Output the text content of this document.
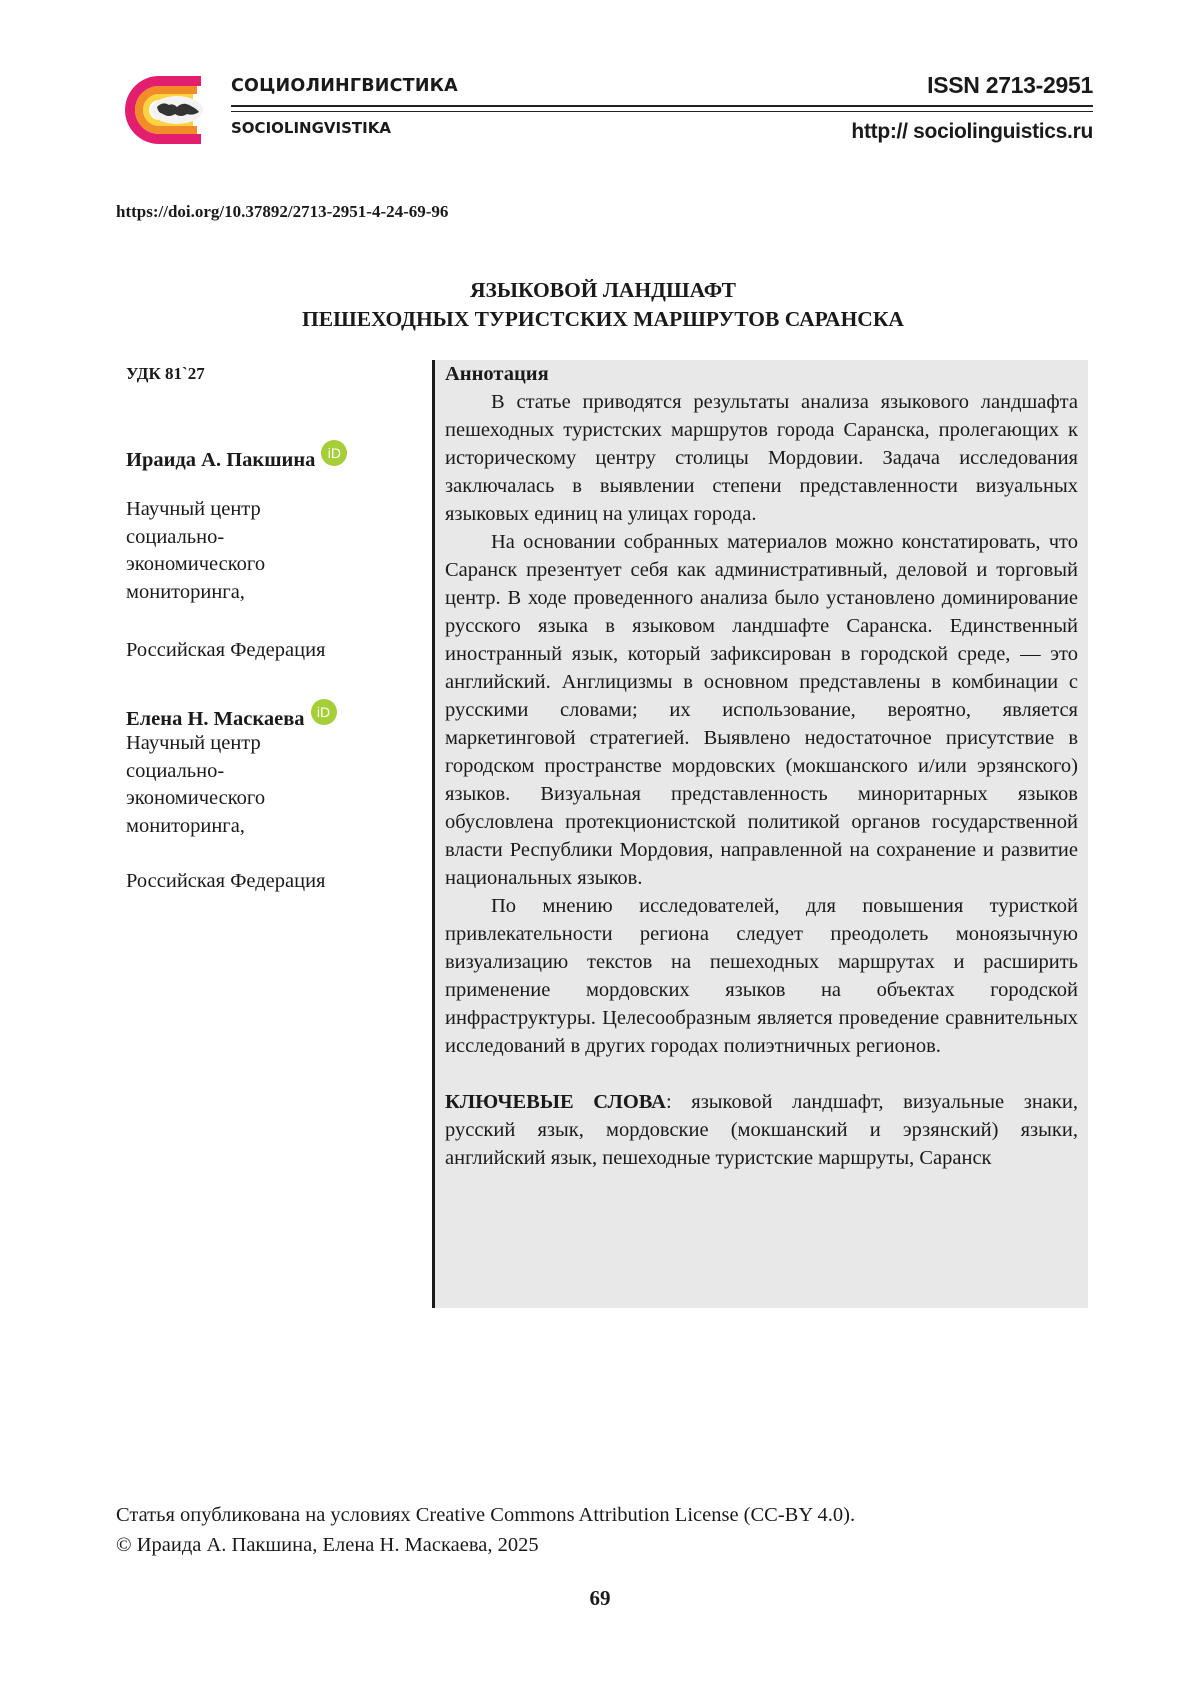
СОЦИОЛИНГВИСТИКА
SOCIOLINGVISTIKA
ISSN 2713-2951
http:// sociolinguistics.ru
https://doi.org/10.37892/2713-2951-4-24-69-96
ЯЗЫКОВОЙ ЛАНДШАФТ
ПЕШЕХОДНЫХ ТУРИСТСКИХ МАРШРУТОВ САРАНСКА
УДК 81`27
Ираида А. Пакшина iD
Научный центр
социально-
экономического
мониторинга,
Российская Федерация
Елена Н. Маскаева iD
Научный центр
социально-
экономического
мониторинга,
Российская Федерация
Аннотация

В статье приводятся результаты анализа языкового ландшафта пешеходных туристских маршрутов города Саранска, пролегающих к историческому центру столицы Мордовии. Задача исследования заключалась в выявлении степени представленности визуальных языковых единиц на улицах города.

На основании собранных материалов можно констатировать, что Саранск презентует себя как административный, деловой и торговый центр. В ходе проведенного анализа было установлено доминирование русского языка в языковом ландшафте Саранска. Единственный иностранный язык, который зафиксирован в городской среде, — это английский. Англицизмы в основном представлены в комбинации с русскими словами; их использование, вероятно, является маркетинговой стратегией. Выявлено недостаточное присутствие в городском пространстве мордовских (мокшанского и/или эрзянского) языков. Визуальная представленность миноритарных языков обусловлена протекционистской политикой органов государственной власти Республики Мордовия, направленной на сохранение и развитие национальных языков.

По мнению исследователей, для повышения туристкой привлекательности региона следует преодолеть моноязычную визуализацию текстов на пешеходных маршрутах и расширить применение мордовских языков на объектах городской инфраструктуры. Целесообразным является проведение сравнительных исследований в других городах полиэтничных регионов.

КЛЮЧЕВЫЕ СЛОВА: языковой ландшафт, визуальные знаки, русский язык, мордовские (мокшанский и эрзянский) языки, английский язык, пешеходные туристские маршруты, Саранск

Статья опубликована на условиях Creative Commons Attribution License (CC-BY 4.0).
© Ираида А. Пакшина, Елена Н. Маскаева, 2025
69
